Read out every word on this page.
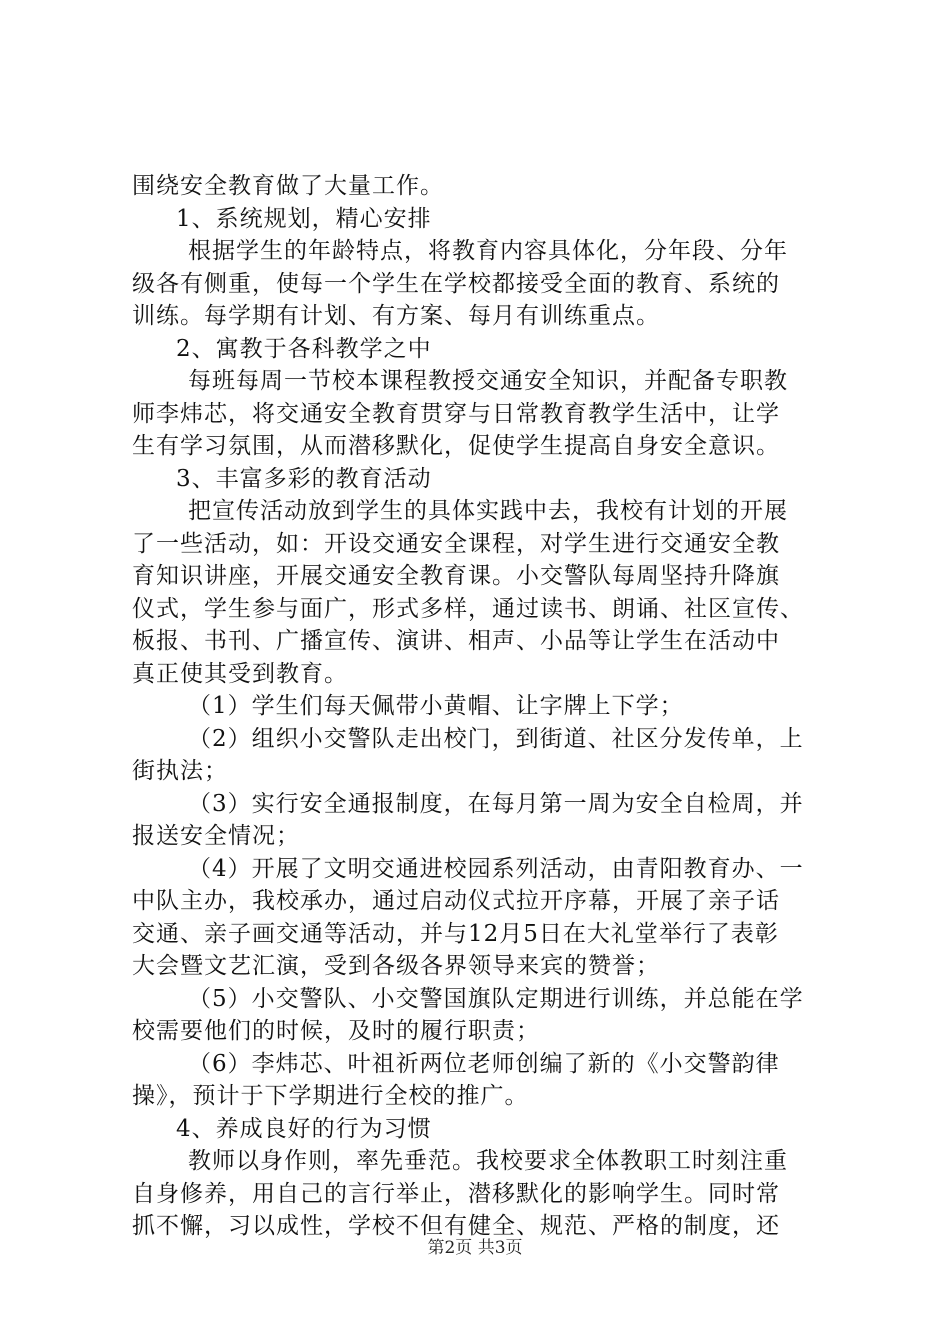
围绕安全教育做了大量工作。
1、系统规划，精心安排
根据学生的年龄特点，将教育内容具体化，分年段、分年
级各有侧重，使每一个学生在学校都接受全面的教育、系统的
训练。每学期有计划、有方案、每月有训练重点。
2、寓教于各科教学之中
每班每周一节校本课程教授交通安全知识，并配备专职教
师李炜芯，将交通安全教育贯穿与日常教育教学生活中，让学
生有学习氛围，从而潜移默化，促使学生提高自身安全意识。
3、丰富多彩的教育活动
把宣传活动放到学生的具体实践中去，我校有计划的开展
了一些活动，如：开设交通安全课程，对学生进行交通安全教
育知识讲座，开展交通安全教育课。小交警队每周坚持升降旗
仪式，学生参与面广，形式多样，通过读书、朗诵、社区宣传、
板报、书刊、广播宣传、演讲、相声、小品等让学生在活动中
真正使其受到教育。
（1）学生们每天佩带小黄帽、让字牌上下学；
（2）组织小交警队走出校门，到街道、社区分发传单，上
街执法；
（3）实行安全通报制度，在每月第一周为安全自检周，并
报送安全情况；
（4）开展了文明交通进校园系列活动，由青阳教育办、一
中队主办，我校承办，通过启动仪式拉开序幕，开展了亲子话
交通、亲子画交通等活动，并与12月5日在大礼堂举行了表彰
大会暨文艺汇演，受到各级各界领导来宾的赞誉；
（5）小交警队、小交警国旗队定期进行训练，并总能在学
校需要他们的时候，及时的履行职责；
（6）李炜芯、叶祖祈两位老师创编了新的《小交警韵律
操》，预计于下学期进行全校的推广。
4、养成良好的行为习惯
教师以身作则，率先垂范。我校要求全体教职工时刻注重
自身修养，用自己的言行举止，潜移默化的影响学生。同时常
抓不懈，习以成性，学校不但有健全、规范、严格的制度，还
第2页 共3页
